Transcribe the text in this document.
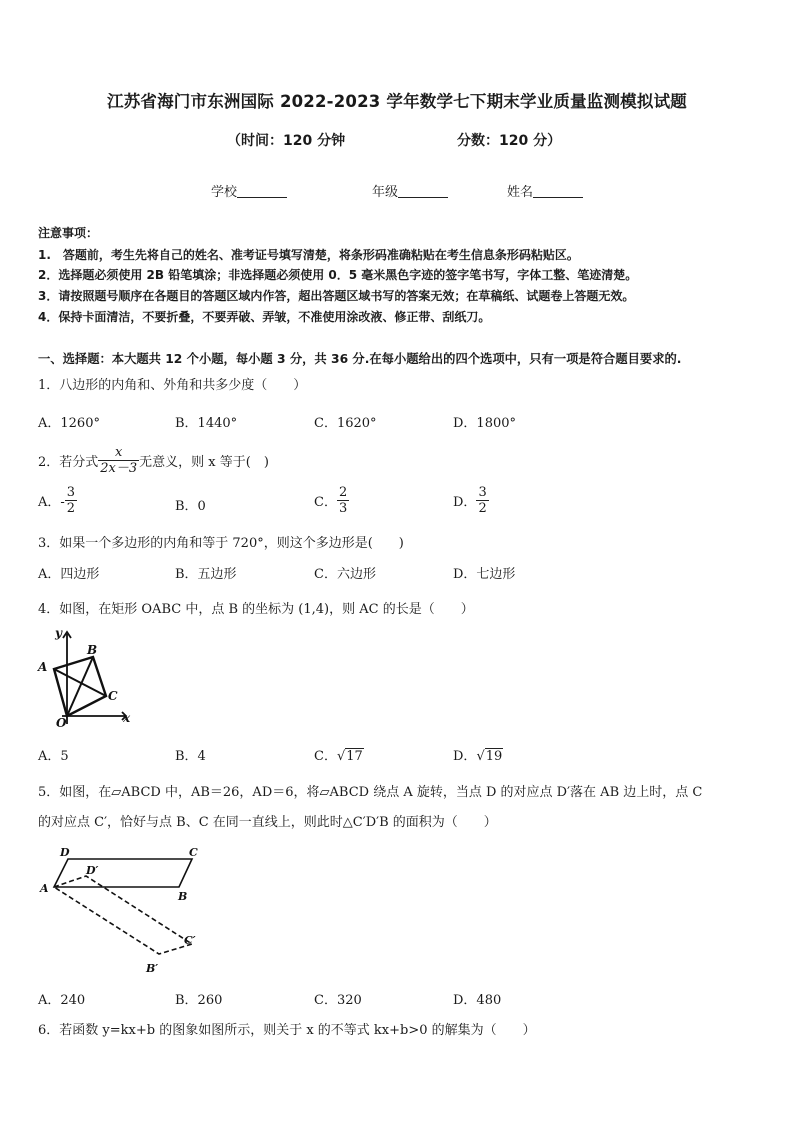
江苏省海门市东洲国际 2022-2023 学年数学七下期末学业质量监测模拟试题
（时间：120 分钟	分数：120 分）
学校	年级	姓名
注意事项：
1.　答题前，考生先将自己的姓名、准考证号填写清楚，将条形码准确粘贴在考生信息条形码粘贴区。
2．选择题必须使用 2B 铅笔填涂；非选择题必须使用 0．5 毫米黑色字迹的签字笔书写，字体工整、笔迹清楚。
3．请按照题号顺序在各题目的答题区域内作答，超出答题区域书写的答案无效；在草稿纸、试题卷上答题无效。
4．保持卡面清洁，不要折叠，不要弄破、弄皱，不准使用涂改液、修正带、刮纸刀。
一、选择题：本大题共 12 个小题，每小题 3 分，共 36 分.在每小题给出的四个选项中，只有一项是符合题目要求的.
1．八边形的内角和、外角和共多少度（　　）
A．1260°	B．1440°	C．1620°	D．1800°
2．若分式 $\frac{x}{2x-3}$ 无意义，则 x 等于(　)
A．- $\frac{3}{2}$	B．0	C． $\frac{2}{3}$	D． $\frac{3}{2}$
3．如果一个多边形的内角和等于 720°，则这个多边形是(　　)
A．四边形	B．五边形	C．六边形	D．七边形
4．如图，在矩形 OABC 中，点 B 的坐标为 (1,4)，则 AC 的长是（　　）
y
x
A
B
C
O
A．5	B．4	C．√17	D．√19
5．如图，在▱ABCD 中，AB＝26，AD＝6，将▱ABCD 绕点 A 旋转，当点 D 的对应点 D′落在 AB 边上时，点 C
的对应点 C′，恰好与点 B、C 在同一直线上，则此时△C′D′B 的面积为（　　）
D	C
D′
A
B
C′
B′
A．240	B．260	C．320	D．480
6．若函数 y=kx+b 的图象如图所示，则关于 x 的不等式 kx+b>0 的解集为（　　）
